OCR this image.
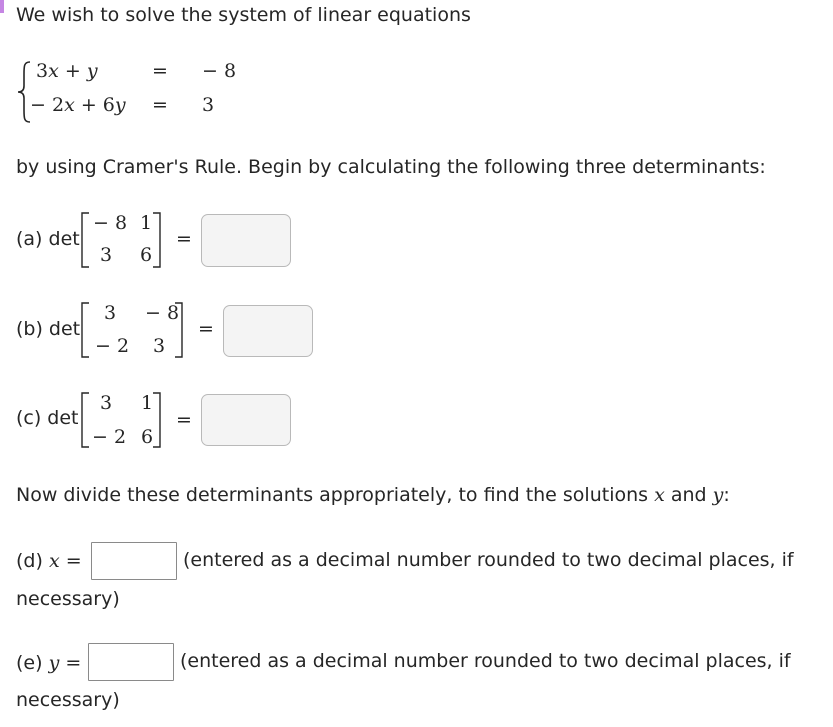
We wish to solve the system of linear equations
3x + y	= − 8
− 2x + 6y = 3
by using Cramer's Rule. Begin by calculating the following three determinants:
(a) det
− 8 1
3 6
=
(b) det
3 − 8
− 2 3
=
(c) det
3 1
− 2 6
=
Now divide these determinants appropriately, to find the solutions x and y:
(d) x =	(entered as a decimal number rounded to two decimal places, if
necessary)
(e) y =	(entered as a decimal number rounded to two decimal places, if
necessary)
